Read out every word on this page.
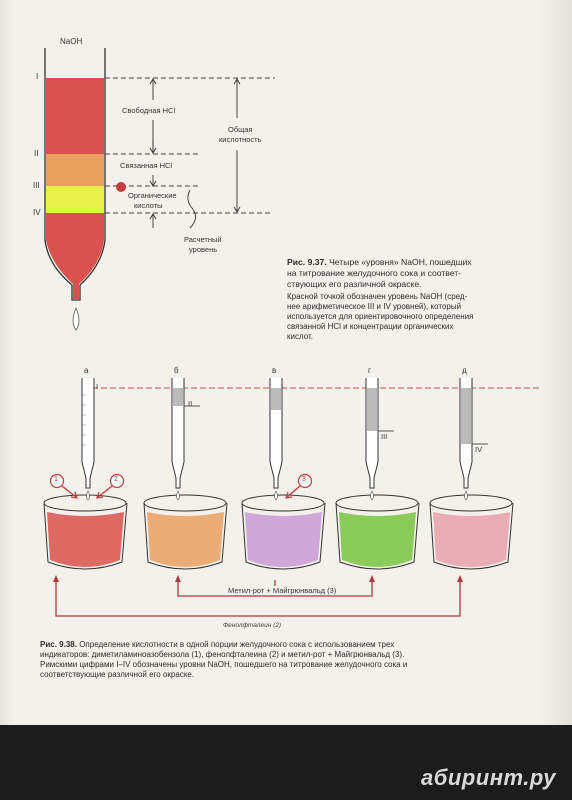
NaOH
I
II
III
IV
Свободная HCl
Связанная HCl
Органические
кислоты
Расчетный
уровень
Общая
кислотность
Рис. 9.37. Четыре «уровня» NaOH, пошедших
на титрование желудочного сока и соответ-
ствующих его различной окраске.
Красной точкой обозначен уровень NaOH (сред-
нее арифметическое III и IV уровней), который
используется для ориентировочного определения
связанной HCl и концентрации органических
кислот.
а	б	в	г	д
I
II
III
IV
1	2	3
Метил-рот + Майгрюнвальд (3)
Фенолфталеин (2)
Рис. 9.38. Определение кислотности в одной порции желудочного сока с использованием трех
индикаторов: диметиламиноазобензола (1), фенолфталеина (2) и метил-рот + Майгрюнвальд (3).
Римскими цифрами I–IV обозначены уровни NaOH, пошедшего на титрование желудочного сока и
соответствующие различной его окраске.
абиринт.ру
